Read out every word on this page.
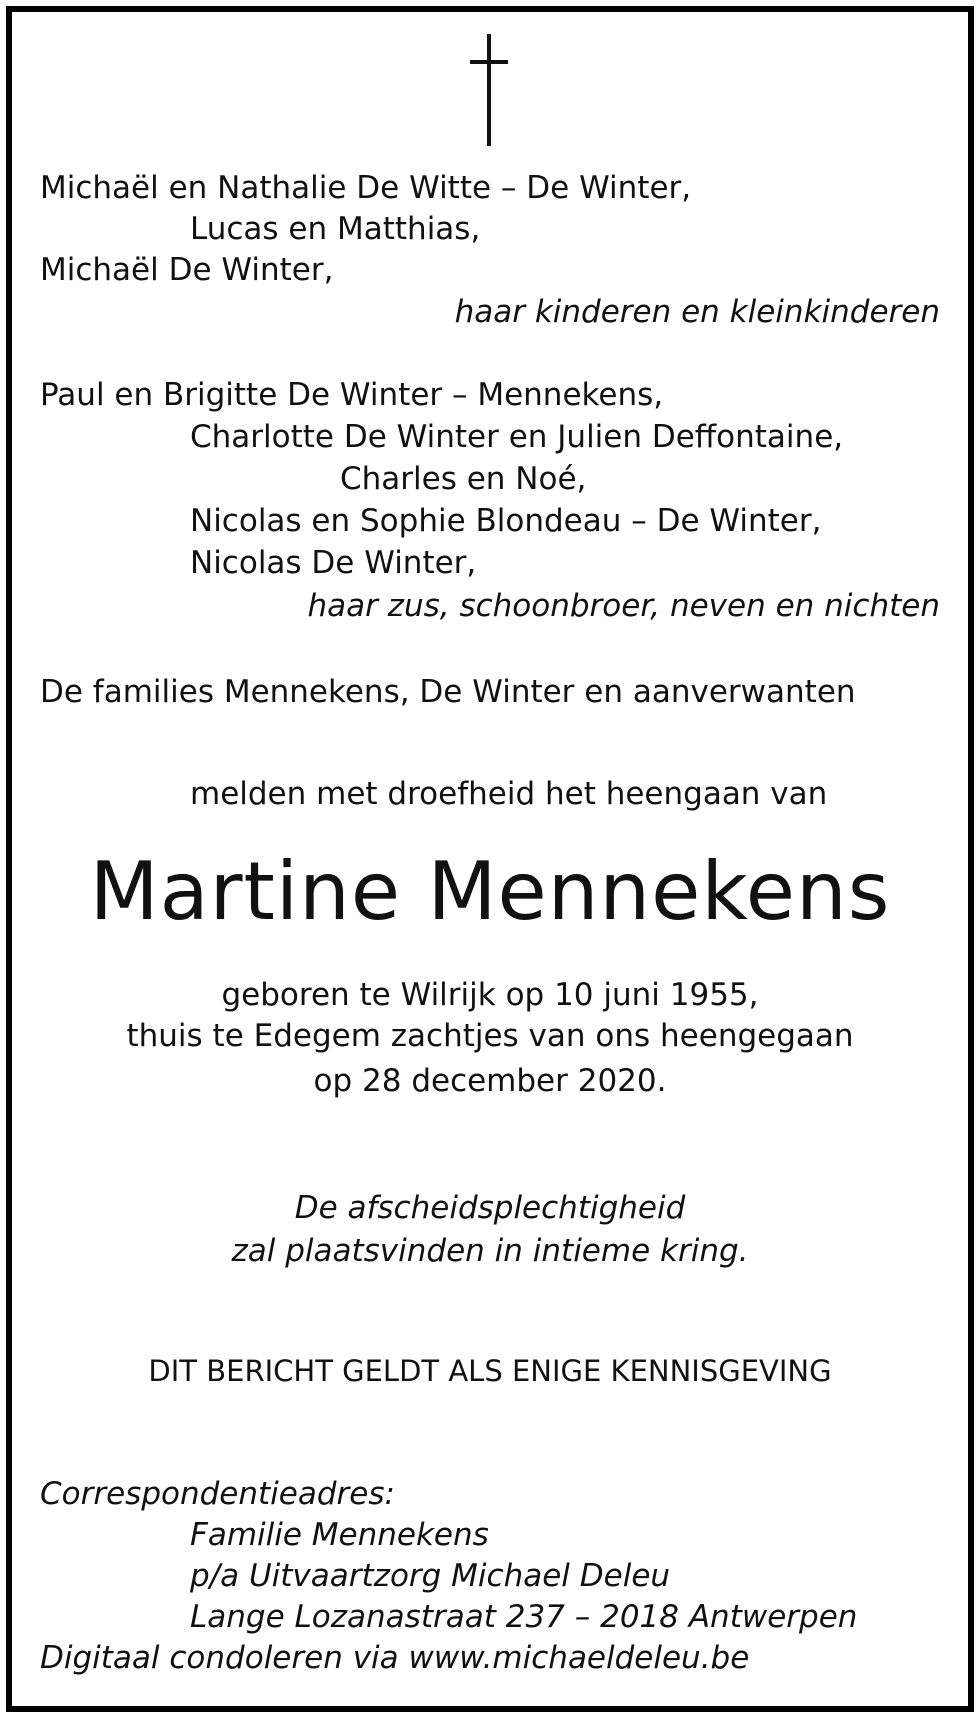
Michaël en Nathalie De Witte – De Winter,
Lucas en Matthias,
Michaël De Winter,
haar kinderen en kleinkinderen
Paul en Brigitte De Winter – Mennekens,
Charlotte De Winter en Julien Deffontaine,
Charles en Noé,
Nicolas en Sophie Blondeau – De Winter,
Nicolas De Winter,
haar zus, schoonbroer, neven en nichten
De families Mennekens, De Winter en aanverwanten
melden met droefheid het heengaan van
Martine Mennekens
geboren te Wilrijk op 10 juni 1955,
thuis te Edegem zachtjes van ons heengegaan
op 28 december 2020.
De afscheidsplechtigheid
zal plaatsvinden in intieme kring.
DIT BERICHT GELDT ALS ENIGE KENNISGEVING
Correspondentieadres:
Familie Mennekens
p/a Uitvaartzorg Michael Deleu
Lange Lozanastraat 237 – 2018 Antwerpen
Digitaal condoleren via www.michaeldeleu.be
